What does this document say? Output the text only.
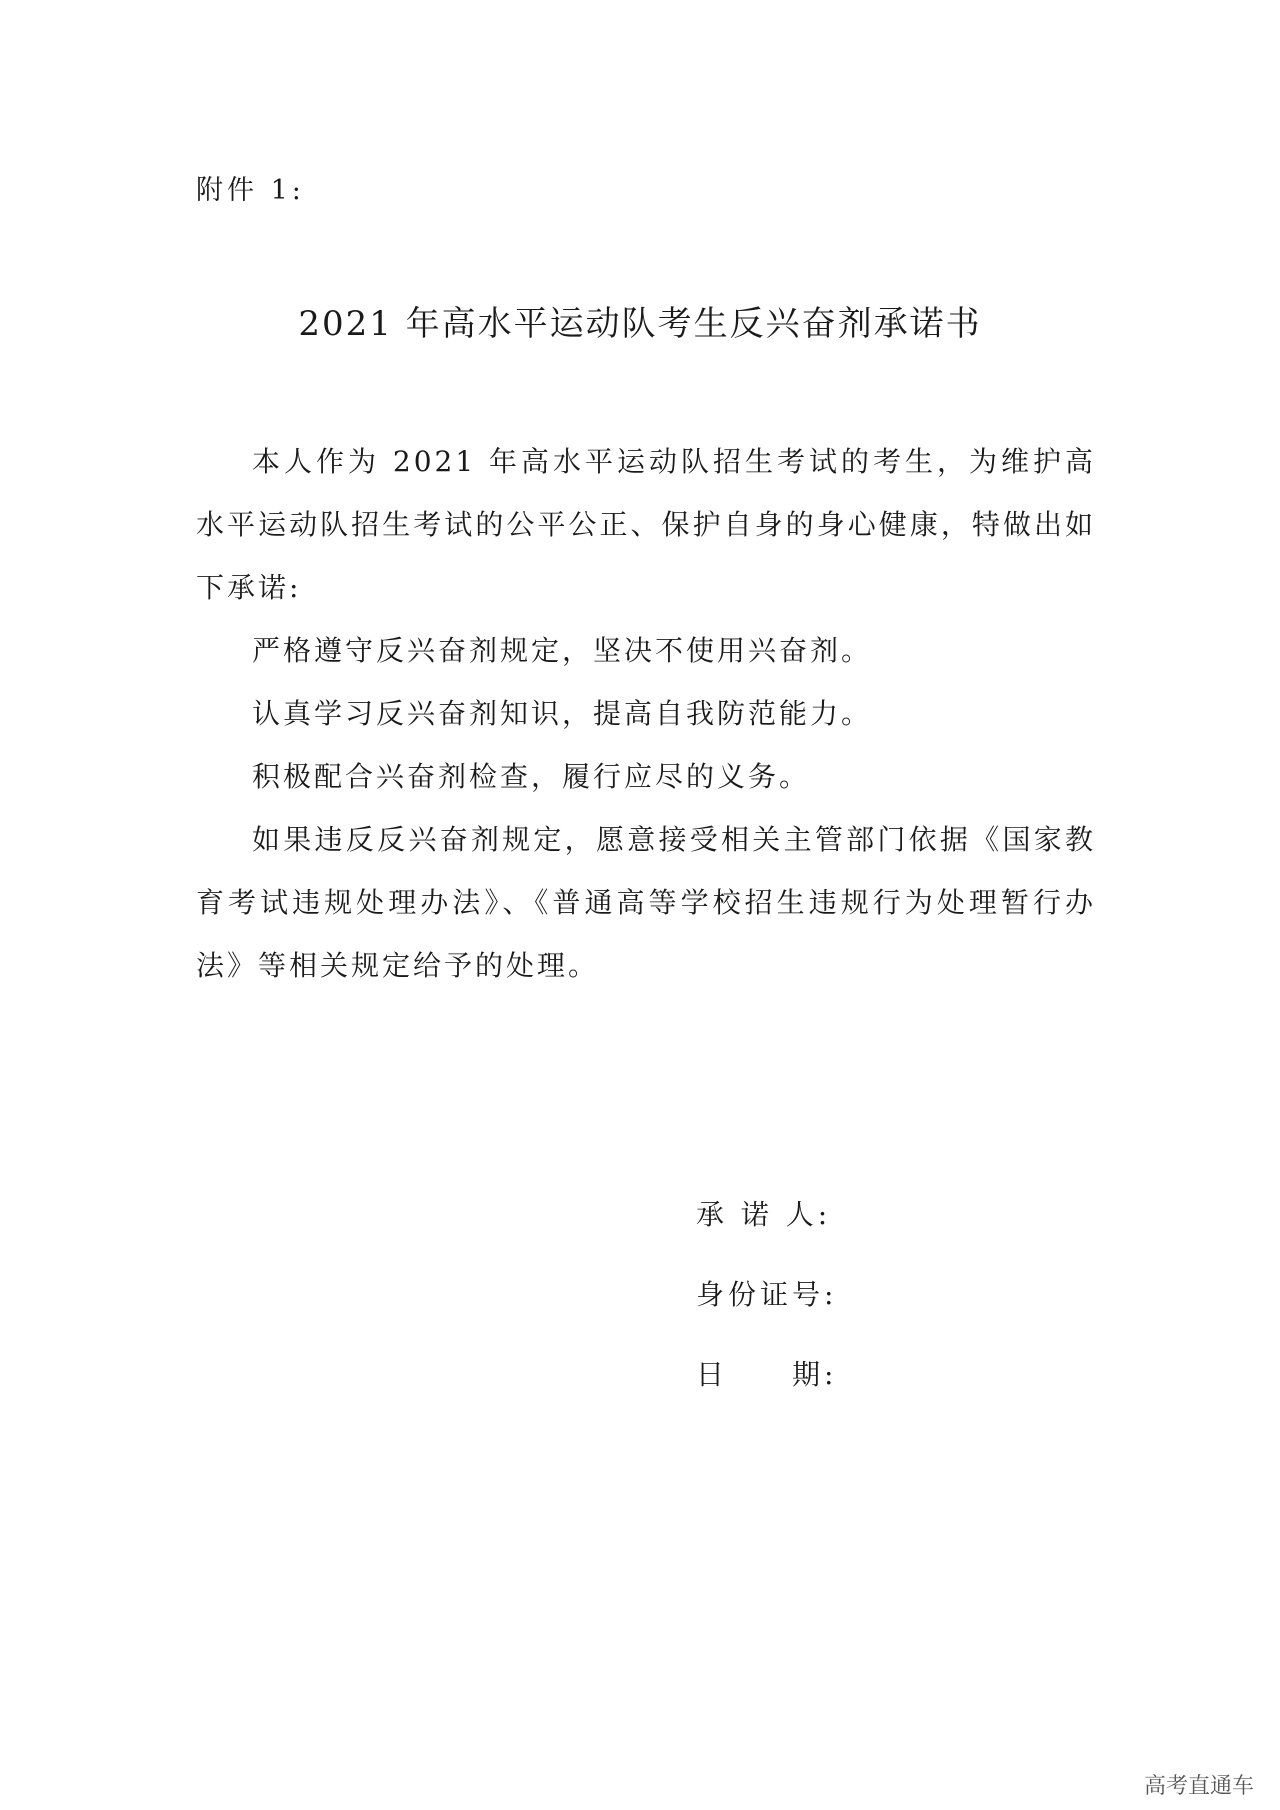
附件 1:
2021 年高水平运动队考生反兴奋剂承诺书

本人作为 2021 年高水平运动队招生考试的考生，为维护高水平运动队招生考试的公平公正、保护自身的身心健康，特做出如下承诺:

严格遵守反兴奋剂规定，坚决不使用兴奋剂。

认真学习反兴奋剂知识，提高自我防范能力。

积极配合兴奋剂检查，履行应尽的义务。

如果违反反兴奋剂规定，愿意接受相关主管部门依据《国家教育考试违规处理办法》、《普通高等学校招生违规行为处理暂行办法》等相关规定给予的处理。

承 诺 人:
身份证号:
日　　期:
高考直通车
